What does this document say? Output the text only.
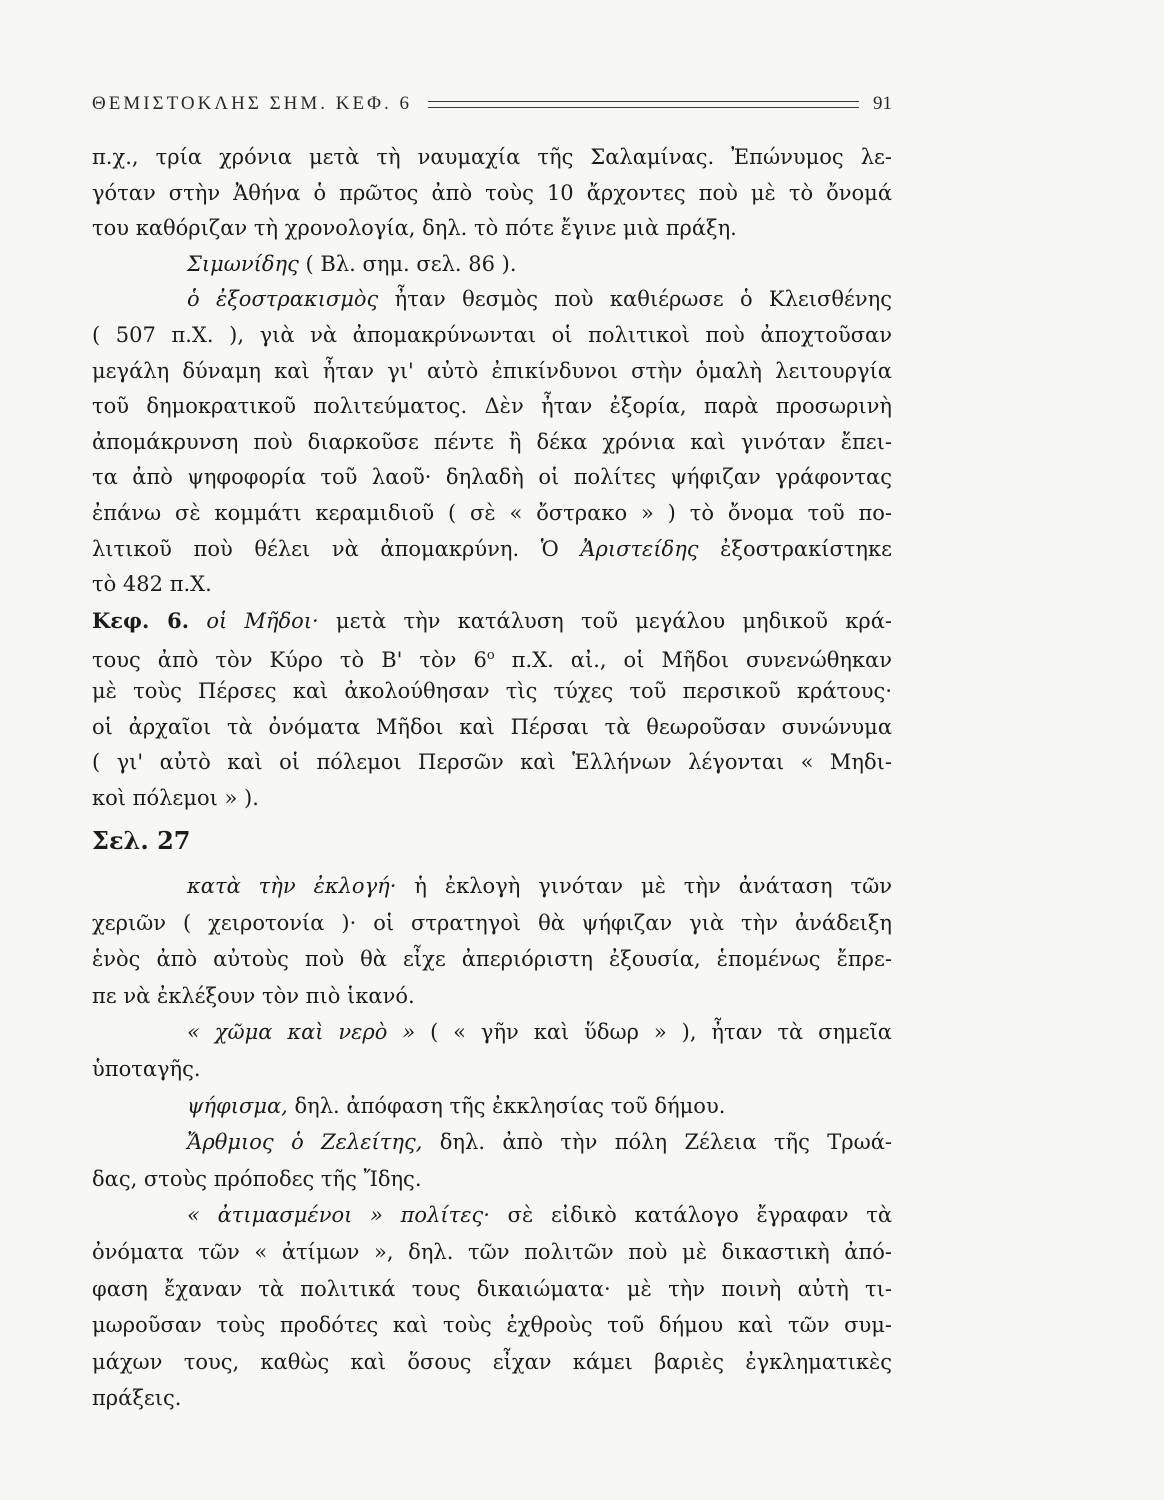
ΘΕΜΙΣΤΟΚΛΗΣ ΣΗΜ. ΚΕΦ. 6	91
π.χ., τρία χρόνια μετὰ τὴ ναυμαχία τῆς Σαλαμίνας. Ἐπώνυμος λε-
γόταν στὴν Ἀθήνα ὁ πρῶτος ἀπὸ τοὺς 10 ἄρχοντες ποὺ μὲ τὸ ὄνομά
του καθόριζαν τὴ χρονολογία, δηλ. τὸ πότε ἔγινε μιὰ πράξη.
Σιμωνίδης ( Βλ. σημ. σελ. 86 ).
ὁ ἐξοστρακισμὸς ἦταν θεσμὸς ποὺ καθιέρωσε ὁ Κλεισθένης
( 507 π.Χ. ), γιὰ νὰ ἀπομακρύνωνται οἱ πολιτικοὶ ποὺ ἀποχτοῦσαν
μεγάλη δύναμη καὶ ἦταν γι' αὐτὸ ἐπικίνδυνοι στὴν ὁμαλὴ λειτουργία
τοῦ δημοκρατικοῦ πολιτεύματος. Δὲν ἦταν ἐξορία, παρὰ προσωρινὴ
ἀπομάκρυνση ποὺ διαρκοῦσε πέντε ἢ δέκα χρόνια καὶ γινόταν ἔπει-
τα ἀπὸ ψηφοφορία τοῦ λαοῦ· δηλαδὴ οἱ πολίτες ψήφιζαν γράφοντας
ἐπάνω σὲ κομμάτι κεραμιδιοῦ ( σὲ « ὄστρακο » ) τὸ ὄνομα τοῦ πο-
λιτικοῦ ποὺ θέλει νὰ ἀπομακρύνη. Ὁ Ἀριστείδης ἐξοστρακίστηκε
τὸ 482 π.Χ.
Κεφ. 6. οἱ Μῆδοι· μετὰ τὴν κατάλυση τοῦ μεγάλου μηδικοῦ κρά-
τους ἀπὸ τὸν Κύρο τὸ Β' τὸν $6^o$ π.Χ. αἰ., οἱ Μῆδοι συνενώθηκαν
μὲ τοὺς Πέρσες καὶ ἀκολούθησαν τὶς τύχες τοῦ περσικοῦ κράτους·
οἱ ἀρχαῖοι τὰ ὀνόματα Μῆδοι καὶ Πέρσαι τὰ θεωροῦσαν συνώνυμα
( γι' αὐτὸ καὶ οἱ πόλεμοι Περσῶν καὶ Ἑλλήνων λέγονται « Μηδι-
κοὶ πόλεμοι » ).
Σελ. 27
κατὰ τὴν ἐκλογή· ἡ ἐκλογὴ γινόταν μὲ τὴν ἀνάταση τῶν
χεριῶν ( χειροτονία )· οἱ στρατηγοὶ θὰ ψήφιζαν γιὰ τὴν ἀνάδειξη
ἑνὸς ἀπὸ αὐτοὺς ποὺ θὰ εἶχε ἀπεριόριστη ἐξουσία, ἑπομένως ἔπρε-
πε νὰ ἐκλέξουν τὸν πιὸ ἱκανό.
« χῶμα καὶ νερὸ » ( « γῆν καὶ ὕδωρ » ), ἦταν τὰ σημεῖα
ὑποταγῆς.
ψήφισμα, δηλ. ἀπόφαση τῆς ἐκκλησίας τοῦ δήμου.
Ἄρθμιος ὁ Ζελείτης, δηλ. ἀπὸ τὴν πόλη Ζέλεια τῆς Τρωά-
δας, στοὺς πρόποδες τῆς Ἴδης.
« ἀτιμασμένοι » πολίτες· σὲ εἰδικὸ κατάλογο ἔγραφαν τὰ
ὀνόματα τῶν « ἀτίμων », δηλ. τῶν πολιτῶν ποὺ μὲ δικαστικὴ ἀπό-
φαση ἔχαναν τὰ πολιτικά τους δικαιώματα· μὲ τὴν ποινὴ αὐτὴ τι-
μωροῦσαν τοὺς προδότες καὶ τοὺς ἐχθροὺς τοῦ δήμου καὶ τῶν συμ-
μάχων τους, καθὼς καὶ ὅσους εἶχαν κάμει βαριὲς ἐγκληματικὲς
πράξεις.
